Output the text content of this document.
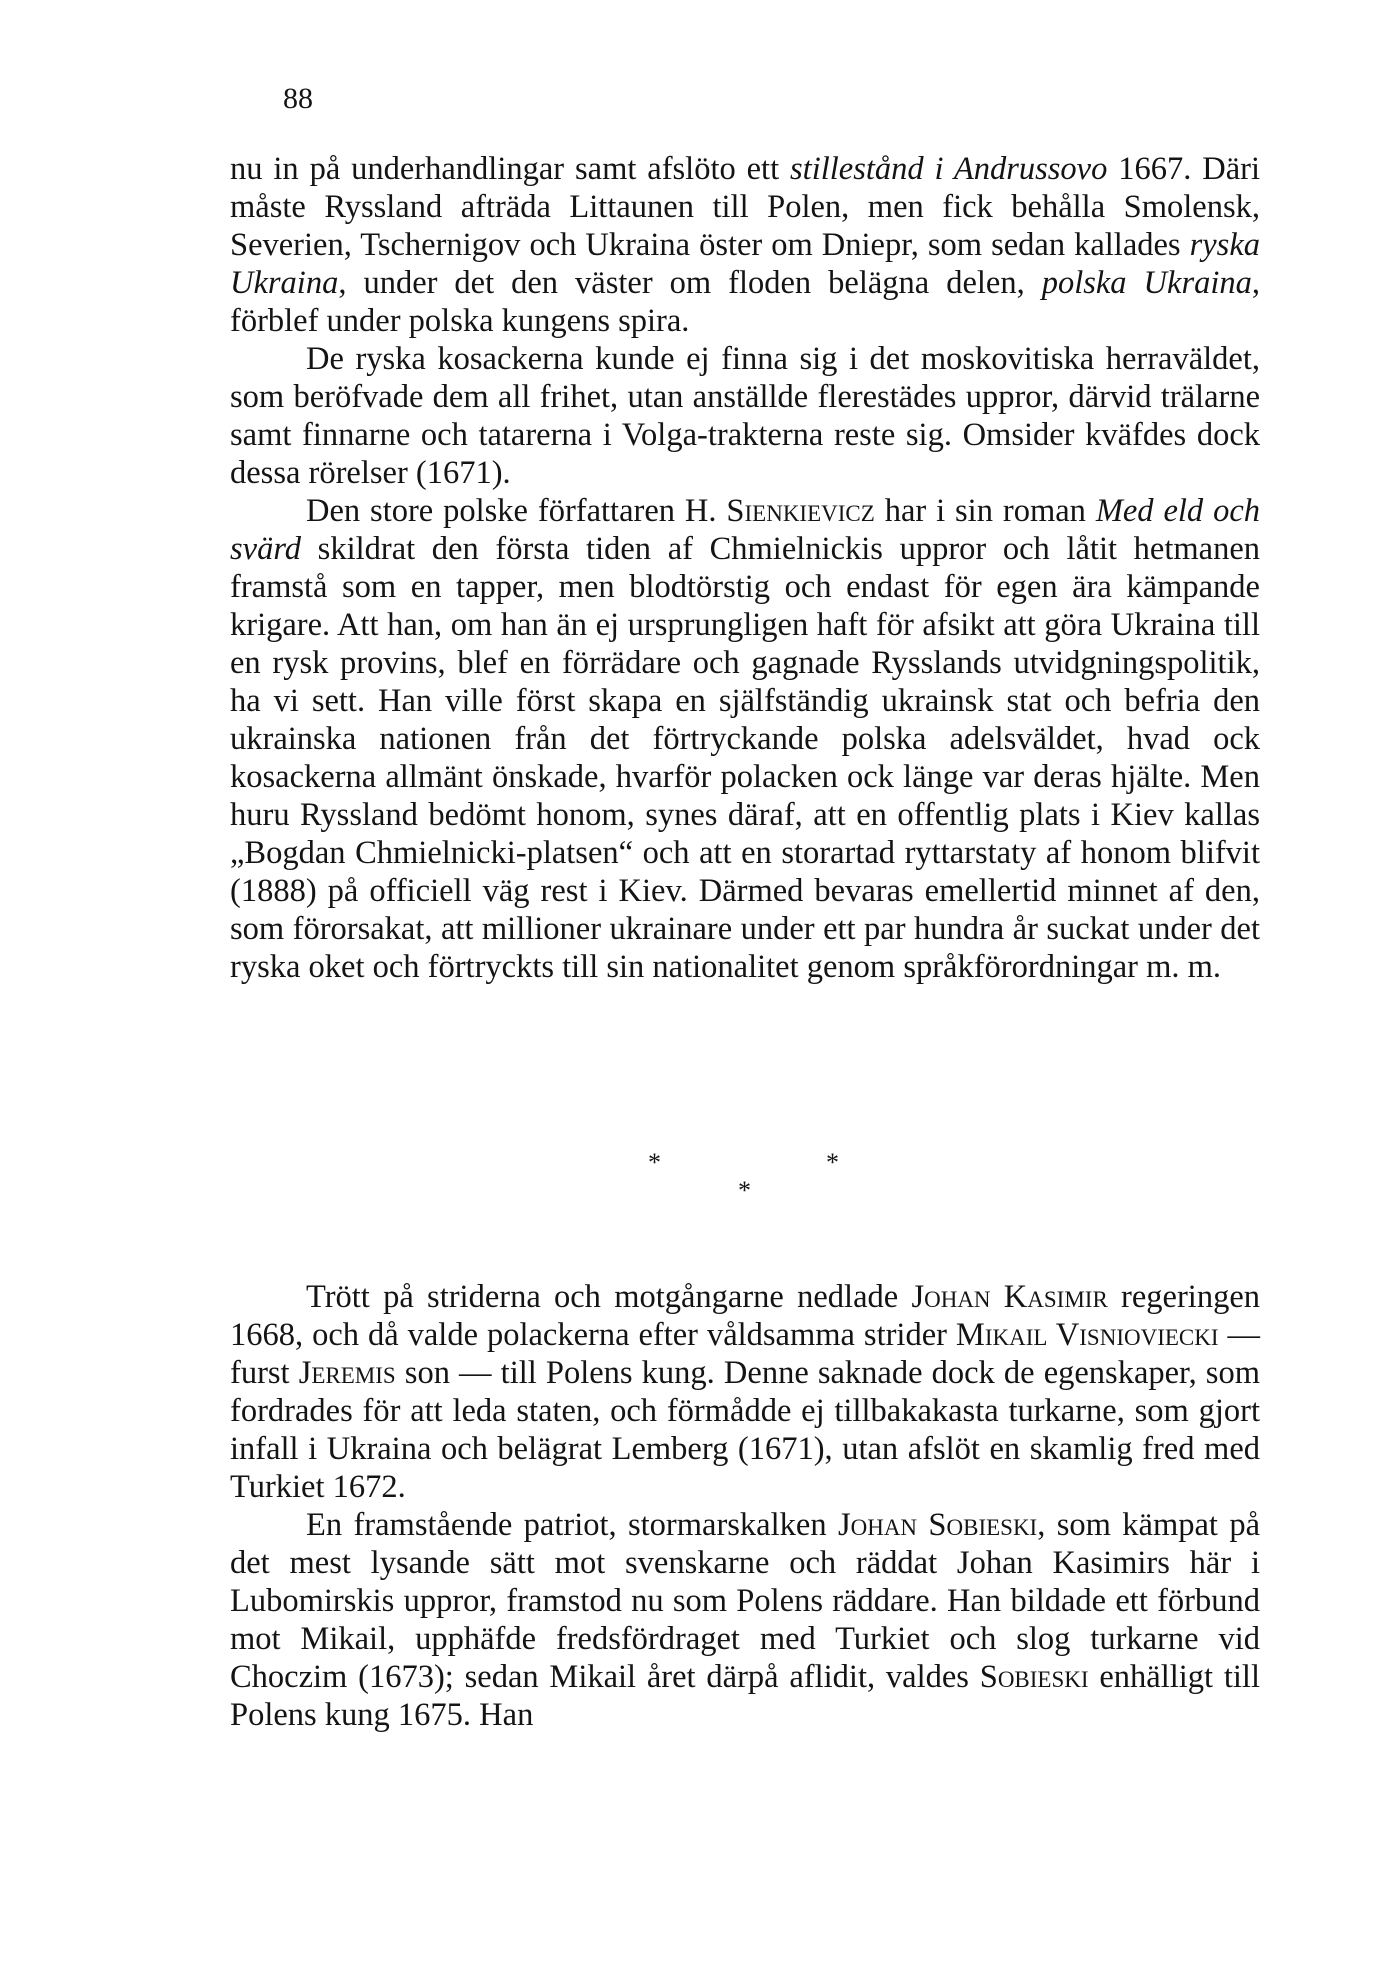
88

nu in på underhandlingar samt afslöto ett stillestånd i Andrussovo 1667. Däri måste Ryssland afträda Littaunen till Polen, men fick behålla Smolensk, Severien, Tschernigov och Ukraina öster om Dniepr, som sedan kallades ryska Ukraina, under det den väster om floden belägna delen, polska Ukraina, förblef under polska kungens spira.

De ryska kosackerna kunde ej finna sig i det moskovitiska herraväldet, som beröfvade dem all frihet, utan anställde flerestädes uppror, därvid trälarne samt finnarne och tatarerna i Volga-trakterna reste sig. Omsider kväfdes dock dessa rörelser (1671).

Den store polske författaren H. Sienkievicz har i sin roman Med eld och svärd skildrat den första tiden af Chmielnickis uppror och låtit hetmanen framstå som en tapper, men blodtörstig och endast för egen ära kämpande krigare. Att han, om han än ej ursprungligen haft för afsikt att göra Ukraina till en rysk provins, blef en förrädare och gagnade Rysslands utvidgningspolitik, ha vi sett. Han ville först skapa en själfständig ukrainsk stat och befria den ukrainska nationen från det förtryckande polska adelsväldet, hvad ock kosackerna allmänt önskade, hvarför polacken ock länge var deras hjälte. Men huru Ryssland bedömt honom, synes däraf, att en offentlig plats i Kiev kallas „Bogdan Chmielnicki-platsen“ och att en storartad ryttarstaty af honom blifvit (1888) på officiell väg rest i Kiev. Därmed bevaras emellertid minnet af den, som förorsakat, att millioner ukrainare under ett par hundra år suckat under det ryska oket och förtryckts till sin nationalitet genom språkförordningar m. m.

*	*
*

Trött på striderna och motgångarne nedlade Johan Kasimir regeringen 1668, och då valde polackerna efter våldsamma strider Mikail Visnioviecki — furst Jeremis son — till Polens kung. Denne saknade dock de egenskaper, som fordrades för att leda staten, och förmådde ej tillbakakasta turkarne, som gjort infall i Ukraina och belägrat Lemberg (1671), utan afslöt en skamlig fred med Turkiet 1672.

En framstående patriot, stormarskalken Johan Sobieski, som kämpat på det mest lysande sätt mot svenskarne och räddat Johan Kasimirs här i Lubomirskis uppror, framstod nu som Polens räddare. Han bildade ett förbund mot Mikail, upphäfde fredsfördraget med Turkiet och slog turkarne vid Choczim (1673); sedan Mikail året därpå aflidit, valdes Sobieski enhälligt till Polens kung 1675. Han
